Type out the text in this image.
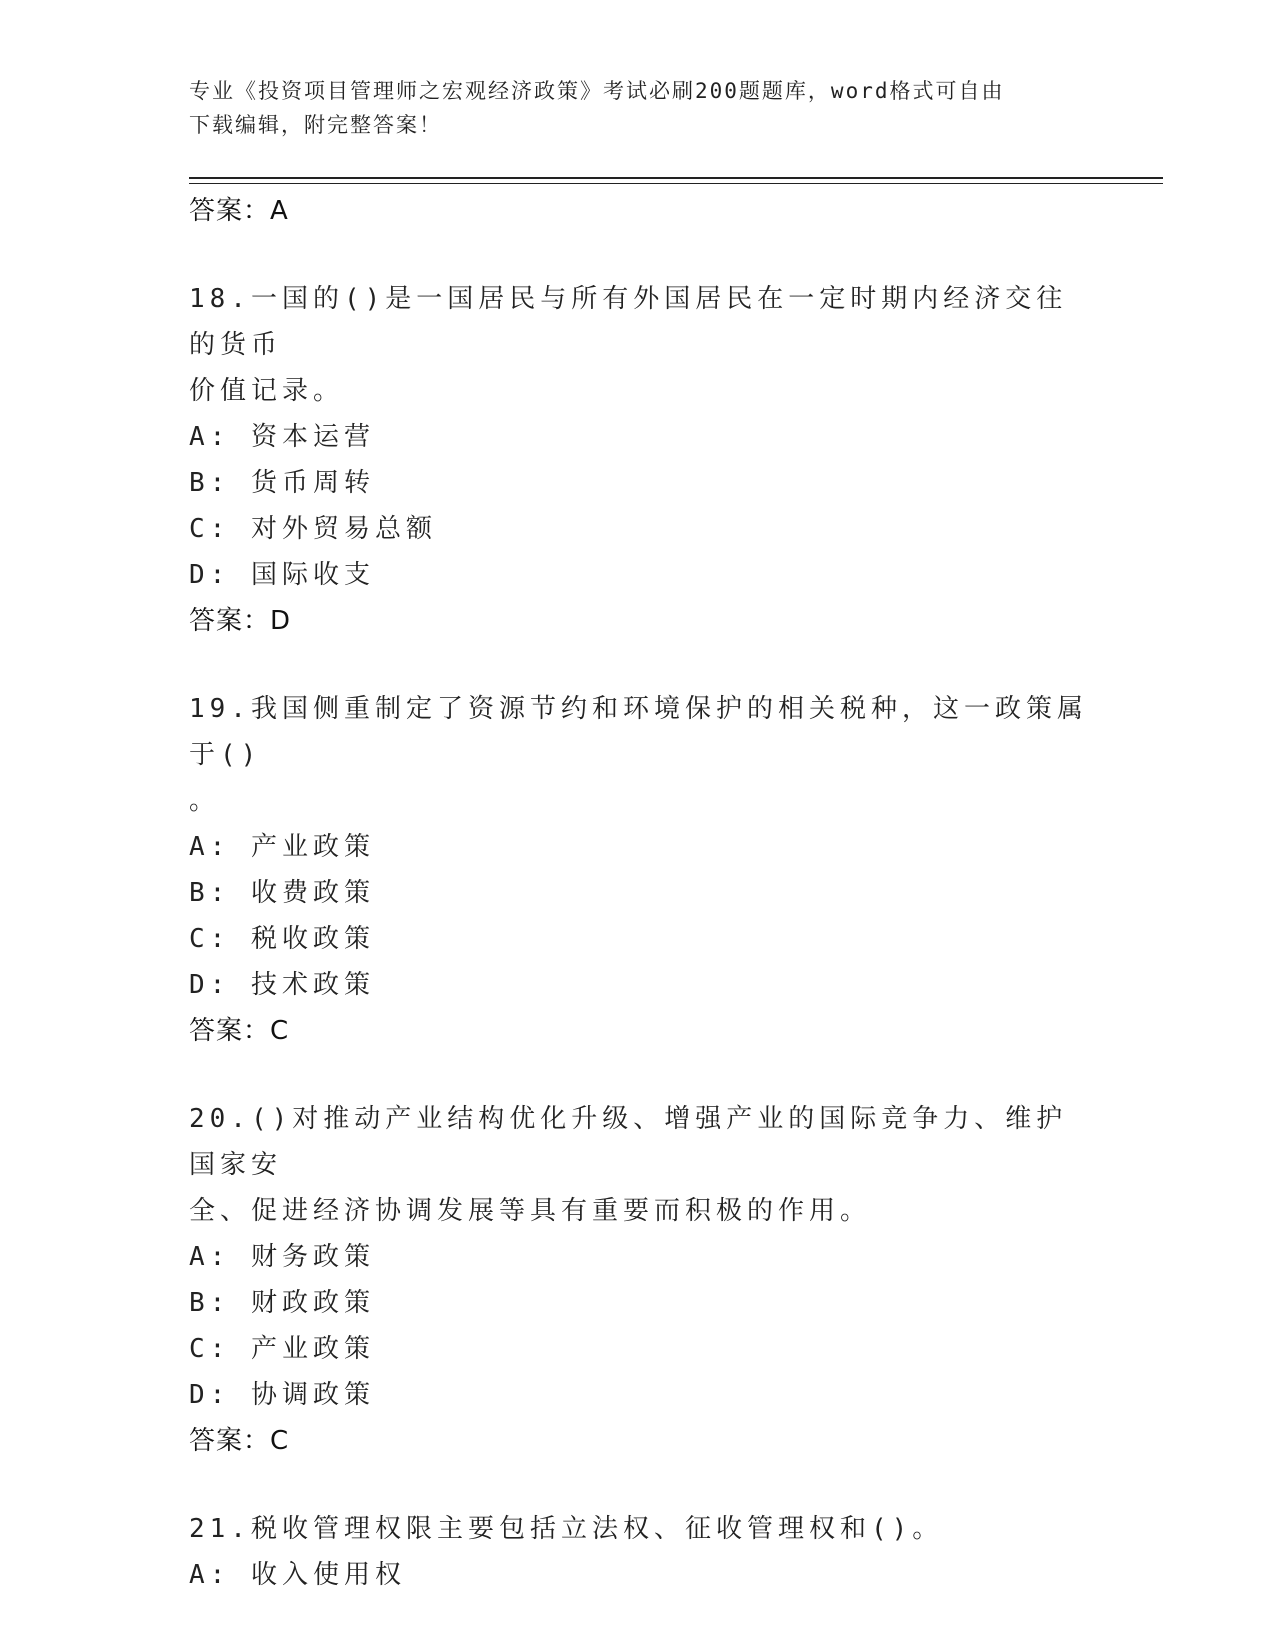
专业《投资项目管理师之宏观经济政策》考试必刷200题题库，word格式可自由
下载编辑，附完整答案！
答案：A
18.一国的()是一国居民与所有外国居民在一定时期内经济交往的货币
价值记录。
A: 资本运营
B: 货币周转
C: 对外贸易总额
D: 国际收支
答案：D
19.我国侧重制定了资源节约和环境保护的相关税种，这一政策属于()
。
A: 产业政策
B: 收费政策
C: 税收政策
D: 技术政策
答案：C
20.()对推动产业结构优化升级、增强产业的国际竞争力、维护国家安
全、促进经济协调发展等具有重要而积极的作用。
A: 财务政策
B: 财政政策
C: 产业政策
D: 协调政策
答案：C
21.税收管理权限主要包括立法权、征收管理权和()。
A: 收入使用权
